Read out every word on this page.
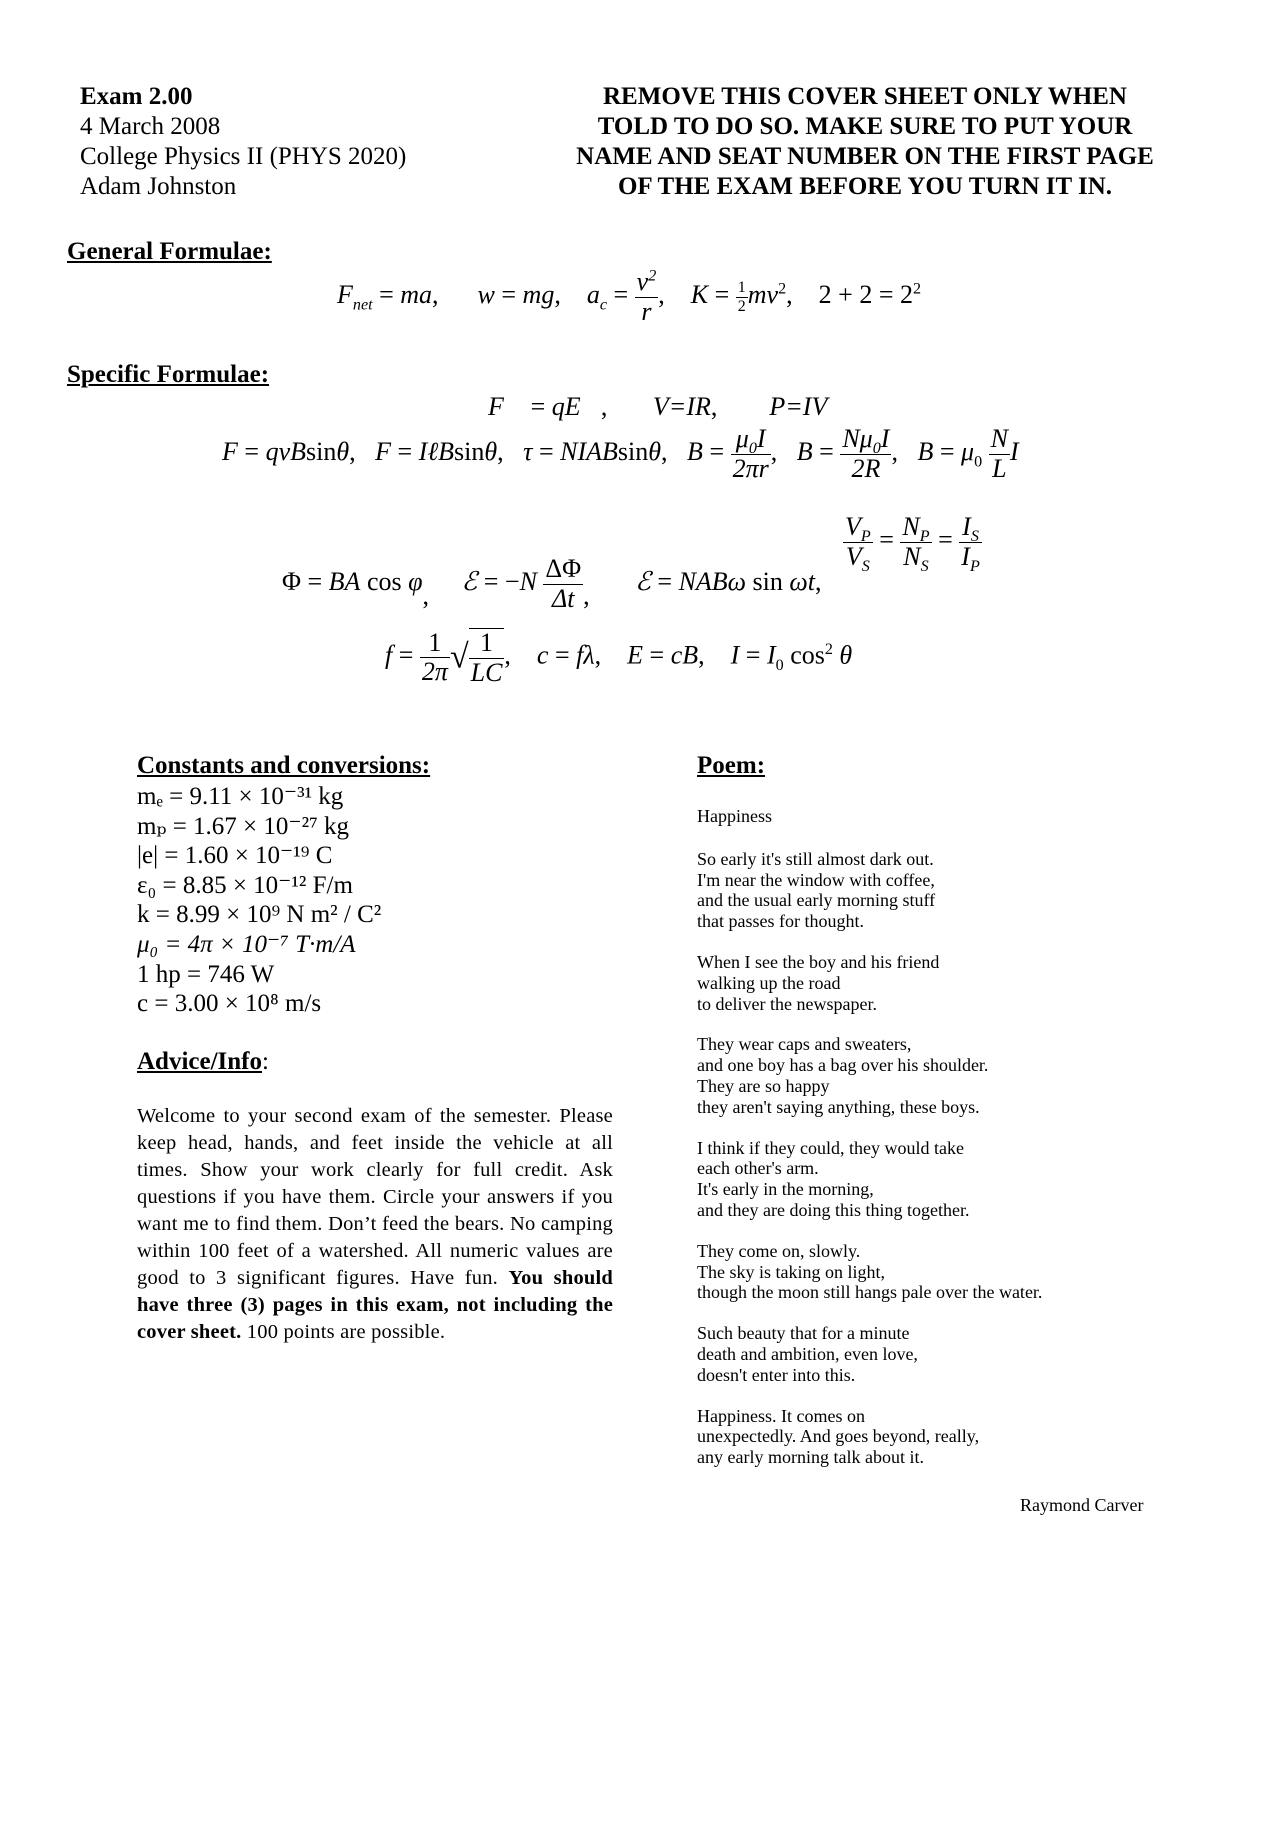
Exam 2.00
4 March 2008
College Physics II (PHYS 2020)
Adam Johnston
REMOVE THIS COVER SHEET ONLY WHEN
TOLD TO DO SO. MAKE SURE TO PUT YOUR
NAME AND SEAT NUMBER ON THE FIRST PAGE
OF THE EXAM BEFORE YOU TURN IT IN.
General Formulae:
$F_{net}$ = ma,      w = mg,    $a_c = \frac{v^2}{r}$ ,    $K = \frac{1}{2} mv^2$,    $2 + 2 = 2^2$
Specific Formulae:
F⃗ = qE⃗,       V=IR,        P=IV
F = qvBsinθ,   F = IℓBsinθ,   τ = NIABsinθ,   $B = \frac{\mu_0I}{2\pi r}$ ,   $B = \frac{N\mu_0I}{2R}$ ,   $B = \mu_0 \frac{N}{L}$ I
Φ = BA cos φ, ℰ = $-N \frac{\Delta\Phi}{\Delta t}$ , ℰ = NABω sin ωt,
$\frac{V_P}{V_S} = \frac{N_P}{N_S} = \frac{I_S}{I_P}$
$f = \frac{1}{2\pi}$ √ $\frac{1}{LC}$ ,    c = fλ,    E = cB,    $I = I_0$ $\cos^2 \theta$
Constants and conversions:
mₑ = 9.11 × 10⁻³¹ kg
mₚ = 1.67 × 10⁻²⁷ kg
|e| = 1.60 × 10⁻¹⁹ C
ε₀ = 8.85 × 10⁻¹² F/m
k = 8.99 × 10⁹ N m² / C²
μ₀ = 4π × 10⁻⁷ T·m/A
1 hp = 746 W
c = 3.00 × 10⁸ m/s
Advice/Info:
Welcome to your second exam of the semester. Please keep head, hands, and feet inside the vehicle at all times. Show your work clearly for full credit. Ask questions if you have them. Circle your answers if you want me to find them. Don’t feed the bears. No camping within 100 feet of a watershed. All numeric values are good to 3 significant figures. Have fun. You should have three (3) pages in this exam, not including the cover sheet. 100 points are possible.
Poem:
Happiness
So early it's still almost dark out.
I'm near the window with coffee,
and the usual early morning stuff
that passes for thought.
When I see the boy and his friend
walking up the road
to deliver the newspaper.
They wear caps and sweaters,
and one boy has a bag over his shoulder.
They are so happy
they aren't saying anything, these boys.
I think if they could, they would take
each other's arm.
It's early in the morning,
and they are doing this thing together.
They come on, slowly.
The sky is taking on light,
though the moon still hangs pale over the water.
Such beauty that for a minute
death and ambition, even love,
doesn't enter into this.
Happiness. It comes on
unexpectedly. And goes beyond, really,
any early morning talk about it.
Raymond Carver
